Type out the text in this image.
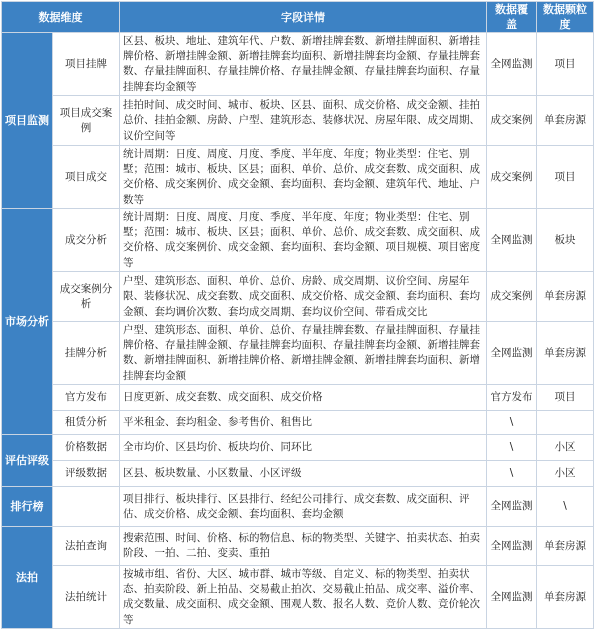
数据维度		字段详情	数据覆盖	数据颗粒度
项目监测	项目挂牌	区县、板块、地址、建筑年代、户数、新增挂牌套数、新增挂牌面积、新增挂牌价格、新增挂牌金额、新增挂牌套均面积、新增挂牌套均金额、存量挂牌套数、存量挂牌面积、存量挂牌价格、存量挂牌金额、存量挂牌套均面积、存量挂牌套均金额等	全网监测	项目
	项目成交案例	挂拍时间、成交时间、城市、板块、区县、面积、成交价格、成交金额、挂拍总价、挂拍金额、房龄、户型、建筑形态、装修状况、房屋年限、成交周期、议价空间等	成交案例	单套房源
	项目成交	统计周期：日度、周度、月度、季度、半年度、年度；物业类型：住宅、别墅；范围：城市、板块、区县；面积、单价、总价、成交套数、成交面积、成交价格、成交案例价、成交金额、套均面积、套均金额、建筑年代、地址、户数等	成交案例	项目
市场分析	成交分析	统计周期：日度、周度、月度、季度、半年度、年度；物业类型：住宅、别墅；范围：城市、板块、区县；面积、单价、总价、成交套数、成交面积、成交价格、成交案例价、成交金额、套均面积、套均金额、项目规模、项目密度等	全网监测	板块
	成交案例分析	户型、建筑形态、面积、单价、总价、房龄、成交周期、议价空间、房屋年限、装修状况、成交套数、成交面积、成交价格、成交金额、套均面积、套均金额、套均调价次数、套均成交周期、套均议价空间、带看成交比	成交案例	单套房源
	挂牌分析	户型、建筑形态、面积、单价、总价、存量挂牌套数、存量挂牌面积、存量挂牌价格、存量挂牌金额、存量挂牌套均面积、存量挂牌套均金额、新增挂牌套数、新增挂牌面积、新增挂牌价格、新增挂牌金额、新增挂牌套均面积、新增挂牌套均金额	全网监测	单套房源
	官方发布	日度更新、成交套数、成交面积、成交价格	官方发布	项目
	租赁分析	平米租金、套均租金、参考售价、租售比	\	
评估评级	价格数据	全市均价、区县均价、板块均价、同环比	\	小区
	评级数据	区县、板块数量、小区数量、小区评级	\	小区
排行榜		项目排行、板块排行、区县排行、经纪公司排行、成交套数、成交面积、评估、成交价格、成交金额、套均面积、套均金额	全网监测	\
法拍	法拍查询	搜索范围、时间、价格、标的物信息、标的物类型、关键字、拍卖状态、拍卖阶段、一拍、二拍、变卖、重拍	全网监测	单套房源
	法拍统计	按城市组、省份、大区、城市群、城市等级、自定义、标的物类型、拍卖状态、拍卖阶段、新上拍品、交易截止拍次、交易截止拍品、成交率、溢价率、成交数量、成交面积、成交金额、围观人数、报名人数、竞价人数、竞价轮次等	全网监测	单套房源
